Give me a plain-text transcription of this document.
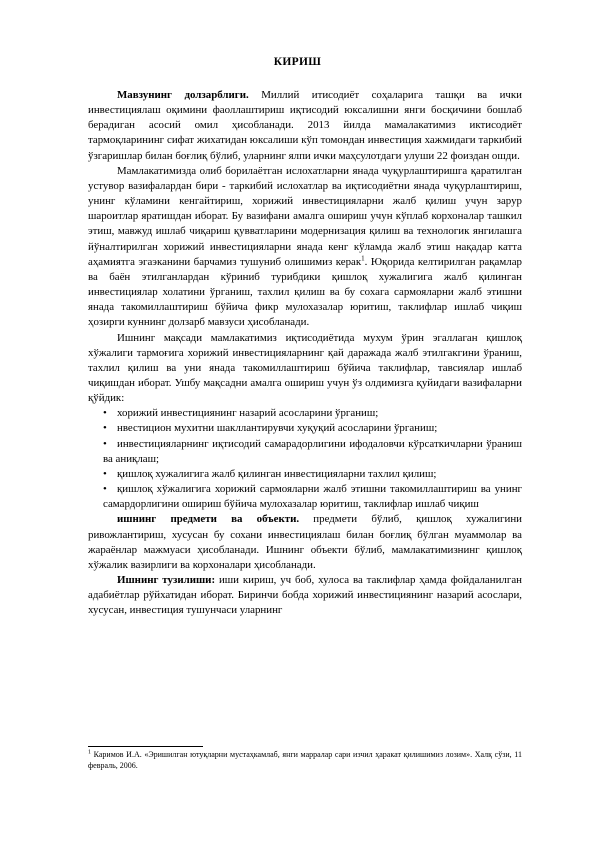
КИРИШ

Мавзунинг долзарблиги. Миллий итисодиёт соҳаларига ташқи ва ички инвестициялаш оқимини фаоллаштириш иқтисодий юксалишни янги босқичини бошлаб берадиган асосий омил ҳисобланади. 2013 йилда мамалакатимиз иктисодиёт тармоқларининг сифат жихатидан юксалиши кўп томондан инвестиция хажмидаги таркибий ўзгаришлар билан боғлиқ бўлиб, уларнинг ялпи ички маҳсулотдаги улуши 22 фоиздан ошди.

Мамлакатимизда олиб борилаётган ислохатларни янада чуқурлаштиришга қаратилган устувор вазифалардан бири - таркибий ислохатлар ва иқтисодиётни янада чуқурлаштириш, унинг кўламини кенгайтириш, хорижий инвестицияларни жалб қилиш учун зарур шароитлар яратишдан иборат. Бу вазифани амалга ошириш учун кўплаб корхоналар ташкил этиш, мавжуд ишлаб чиқариш қувватларини модернизация қилиш ва технологик янгилашга йўналтирилган хорижий инвестицияларни янада кенг кўламда жалб этиш нақадар катта аҳамиятга эгаэканини барчамиз тушуниб олишимиз керак$^1$. Юқорида келтирилган рақамлар ва баён этилганлардан кўриниб турибдики қишлоқ хужалигига жалб қилинган инвестициялар холатини ўрганиш, тахлил қилиш ва бу сохага сармояларни жалб этишни янада такомиллаштириш бўйича фикр мулохазалар юритиш, таклифлар ишлаб чиқиш ҳозирги куннинг долзарб мавзуси ҳисобланади.

Ишнинг мақсади мамлакатимиз иқтисодиётида мухум ўрин эгаллаган қишлоқ хўжалиги тармоғига хорижий инвестицияларнинг қай даражада жалб этилгакгини ўраниш, тахлил қилиш ва уни янада такомиллаштириш бўйича таклифлар, тавсиялар ишлаб чиқишдан иборат. Ушбу мақсадни амалга ошириш учун ўз олдимизга қуйидаги вазифаларни қўйдик:

• хорижий инвестициянинг назарий асосларини ўрганиш;
• нвестицион мухитни шакллантирувчи хуқуқий асосларини ўрганиш;
• инвестицияларнинг иқтисодий самарадорлигини ифодаловчи кўрсаткичларни ўраниш ва аниқлаш;
• қишлоқ хужалигига жалб қилинган инвестицияларни тахлил қилиш;
• қишлоқ хўжалигига хорижий сармояларни жалб этишни такомиллаштириш ва унинг самардорлигини ошириш бўйича мулохазалар юритиш, таклифлар ишлаб чиқиш

ишнинг предмети ва объекти. предмети бўлиб, қишлоқ хужалигини ривожлантириш, хусусан бу сохани инвестициялаш билан боғлиқ бўлган муаммолар ва жараёнлар мажмуаси ҳисобланади. Ишнинг объекти бўлиб, мамлакатимизнинг қишлоқ хўжалик вазирлиги ва корхоналари ҳисобланади.

Ишнинг тузилиши: иши кириш, уч боб, хулоса ва таклифлар ҳамда фойдаланилган адабиётлар рўйхатидан иборат. Биринчи бобда хорижий инвестициянинг назарий асослари, хусусан, инвестиция тушунчаси уларнинг

$^1$ Каримов И.А. «Эришилган ютуқларни мустаҳкамлаб, янги марралар сари изчил ҳаракат қилишимиз лозим». Халқ сўзи, 11 февраль, 2006.
